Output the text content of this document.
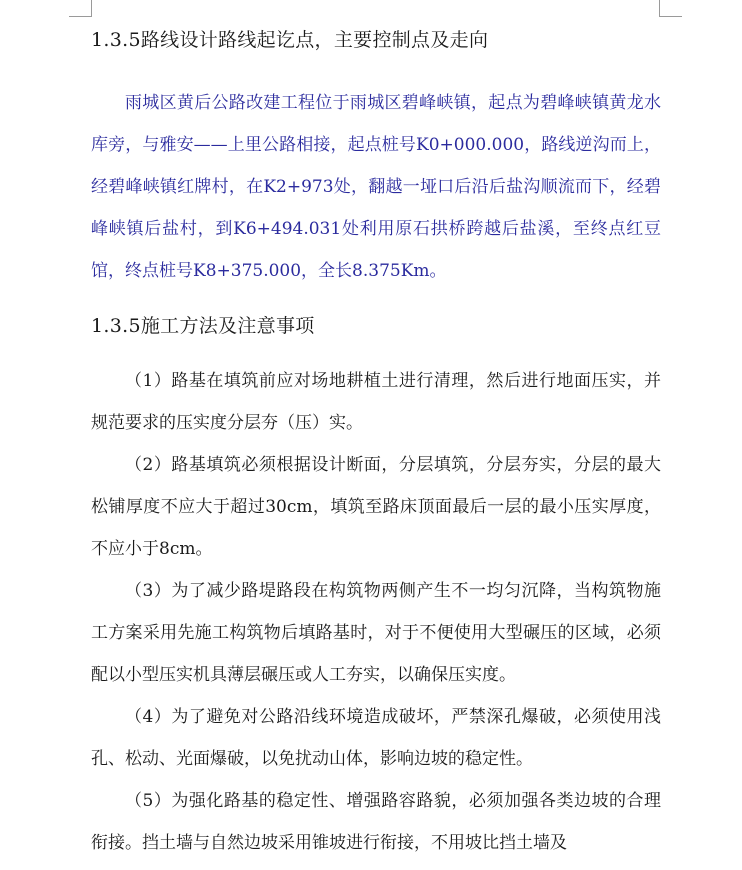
1.3.5路线设计路线起讫点，主要控制点及走向

雨城区黄后公路改建工程位于雨城区碧峰峡镇，起点为碧峰峡镇黄龙水库旁，与雅安——上里公路相接，起点桩号K0+000.000，路线逆沟而上，经碧峰峡镇红牌村，在K2+973处，翻越一垭口后沿后盐沟顺流而下，经碧峰峡镇后盐村，到K6+494.031处利用原石拱桥跨越后盐溪，至终点红豆馆，终点桩号K8+375.000，全长8.375Km。

1.3.5施工方法及注意事项

（1）路基在填筑前应对场地耕植土进行清理，然后进行地面压实，并规范要求的压实度分层夯（压）实。

（2）路基填筑必须根据设计断面，分层填筑，分层夯实，分层的最大松铺厚度不应大于超过30cm，填筑至路床顶面最后一层的最小压实厚度，不应小于8cm。

（3）为了减少路堤路段在构筑物两侧产生不一均匀沉降，当构筑物施工方案采用先施工构筑物后填路基时，对于不便使用大型碾压的区域，必须配以小型压实机具薄层碾压或人工夯实，以确保压实度。

（4）为了避免对公路沿线环境造成破坏，严禁深孔爆破，必须使用浅孔、松动、光面爆破，以免扰动山体，影响边坡的稳定性。

（5）为强化路基的稳定性、增强路容路貌，必须加强各类边坡的合理衔接。挡土墙与自然边坡采用锥坡进行衔接，不用坡比挡土墙及
